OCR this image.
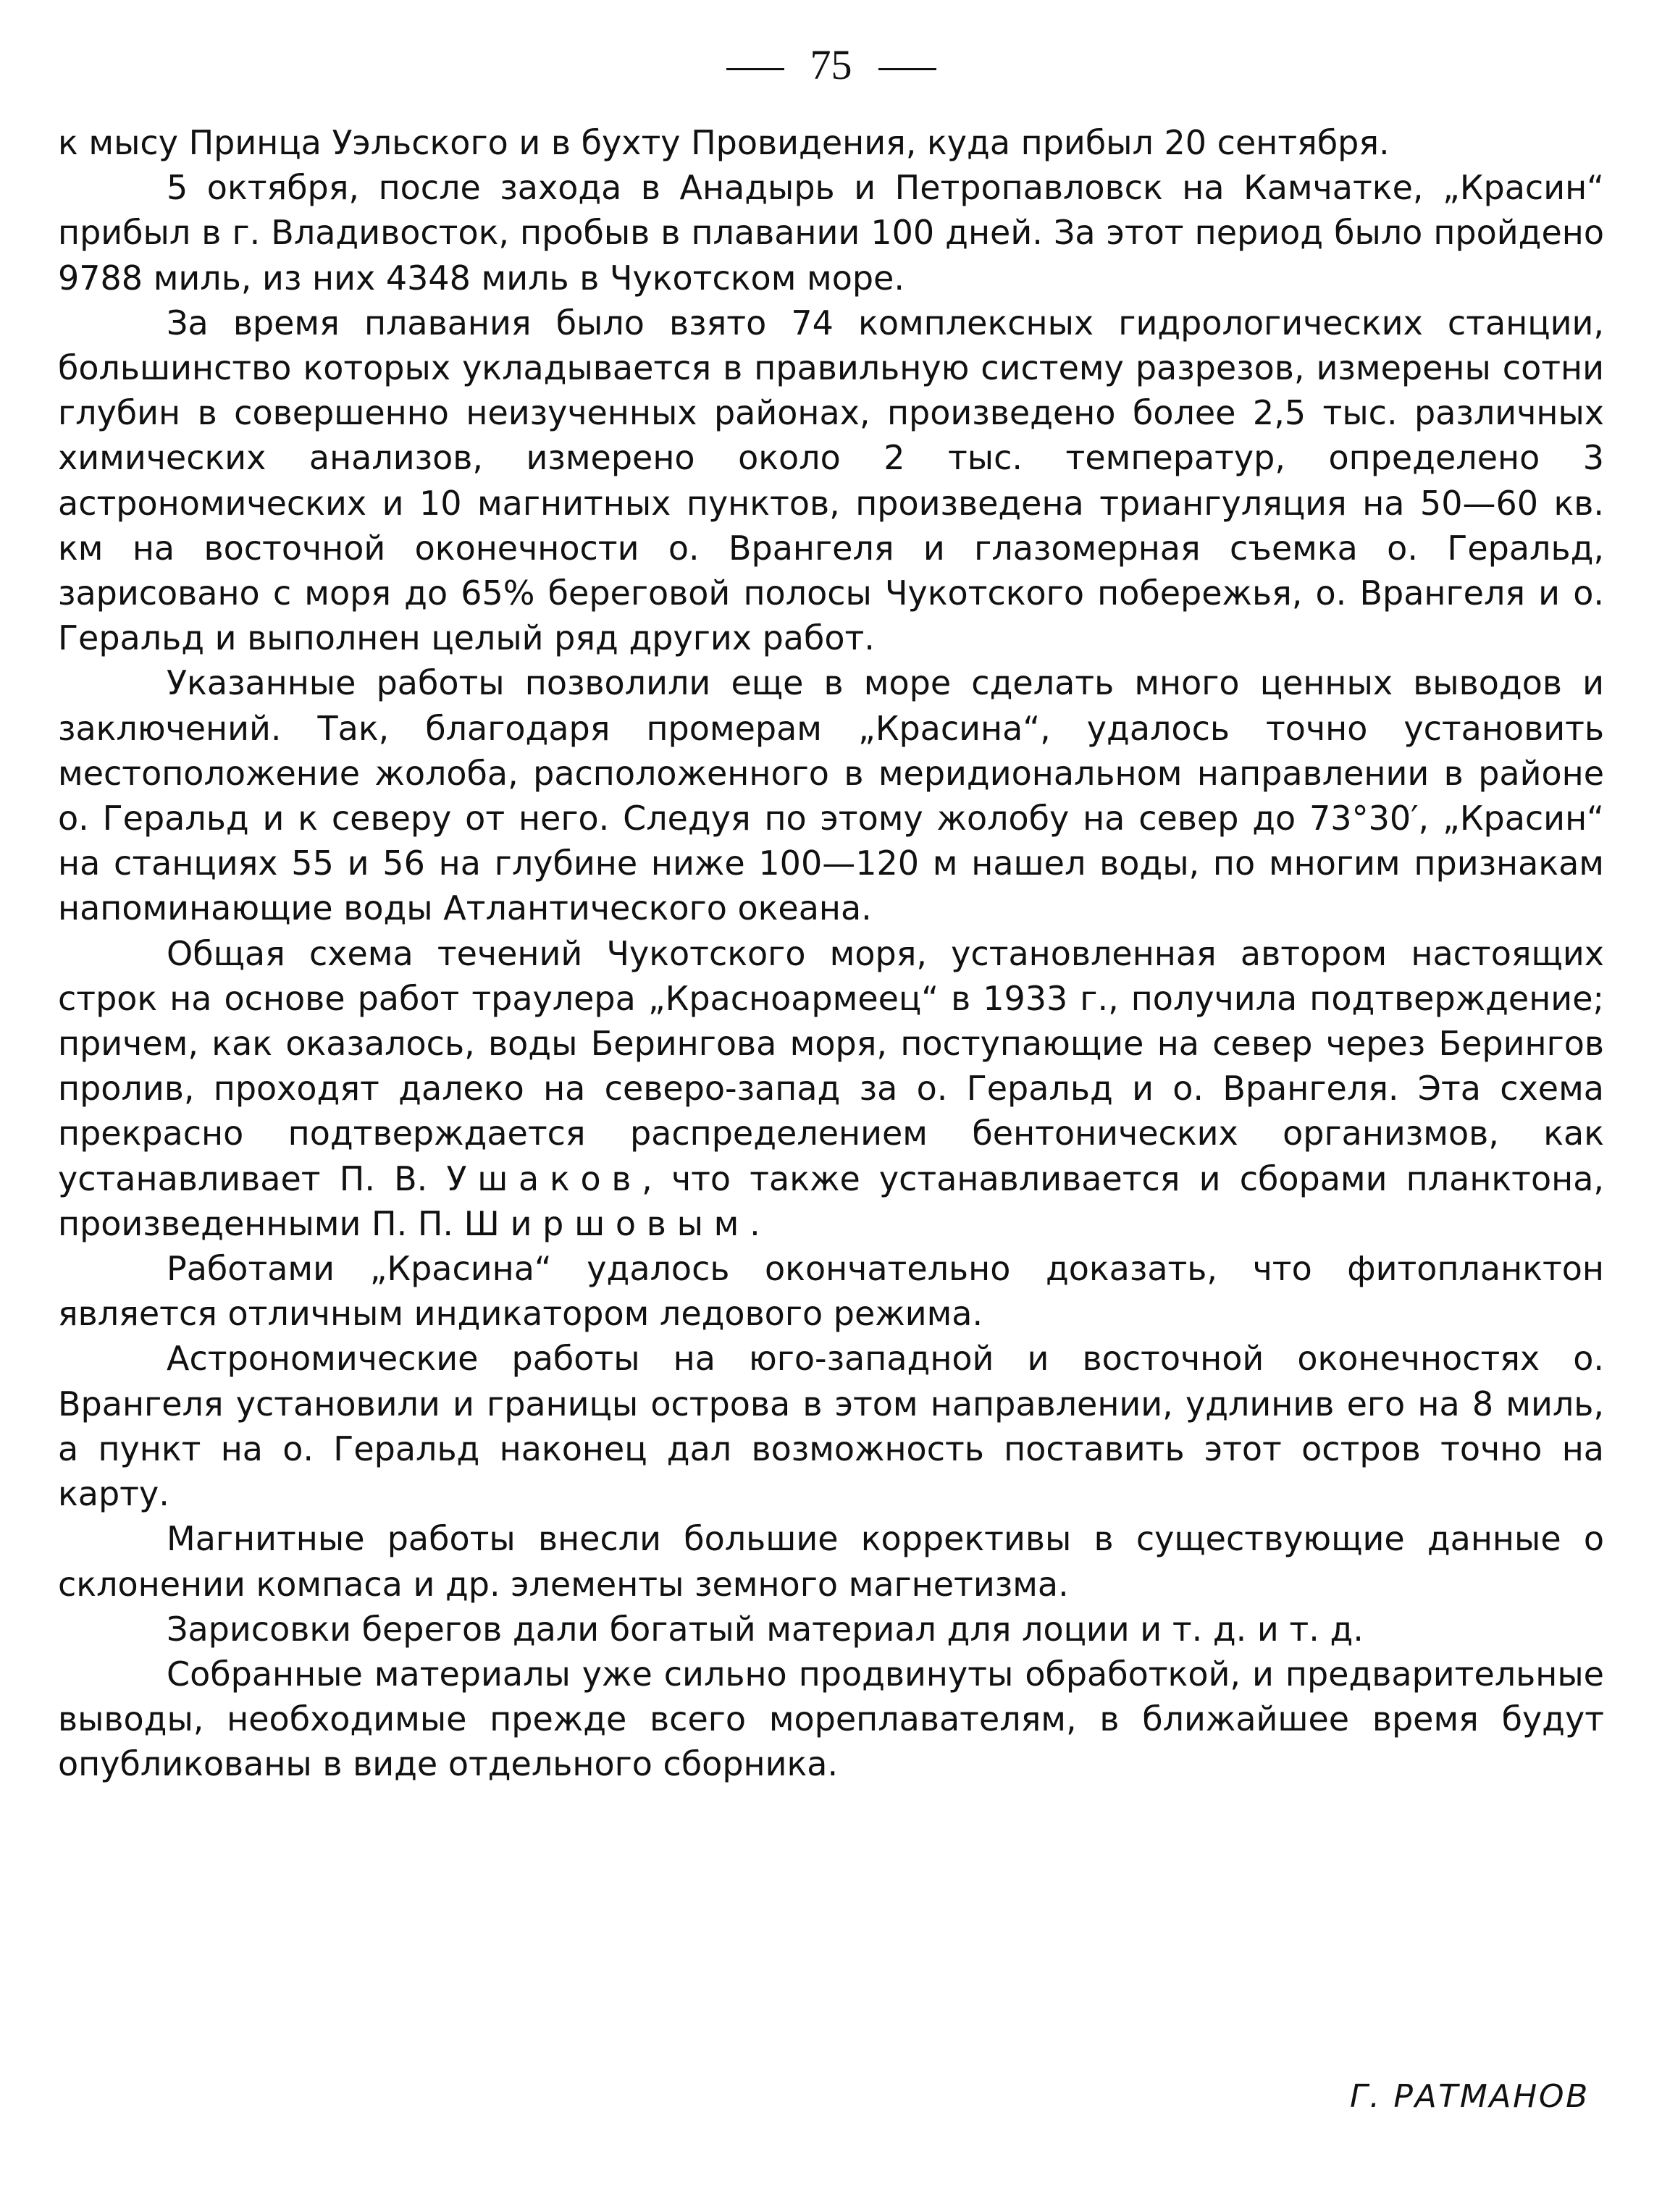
75

к мысу Принца Уэльского и в бухту Провидения, куда прибыл 20 сентября.

5 октября, после захода в Анадырь и Петропавловск на Камчатке, „Красин“ прибыл в г. Владивосток, пробыв в плавании 100 дней. За этот период было пройдено 9788 миль, из них 4348 миль в Чукотском море.

За время плавания было взято 74 комплексных гидрологических станции, большинство которых укладывается в правильную систему разрезов, измерены сотни глубин в совершенно неизученных районах, произведено более 2,5 тыс. различных химических анализов, измерено около 2 тыс. температур, определено 3 астрономических и 10 магнитных пунктов, произведена триангуляция на 50—60 кв. км на восточной оконечности о. Врангеля и глазомерная съемка о. Геральд, зарисовано с моря до 65% береговой полосы Чукотского побережья, о. Врангеля и о. Геральд и выполнен целый ряд других работ.

Указанные работы позволили еще в море сделать много ценных выводов и заключений. Так, благодаря промерам „Красина“, удалось точно установить местоположение жолоба, расположенного в меридиональном направлении в районе о. Геральд и к северу от него. Следуя по этому жолобу на север до 73°30′, „Красин“ на станциях 55 и 56 на глубине ниже 100—120 м нашел воды, по многим признакам напоминающие воды Атлантического океана.

Общая схема течений Чукотского моря, установленная автором настоящих строк на основе работ траулера „Красноармеец“ в 1933 г., получила подтверждение; причем, как оказалось, воды Берингова моря, поступающие на север через Берингов пролив, проходят далеко на северо-запад за о. Геральд и о. Врангеля. Эта схема прекрасно подтверждается распределением бентонических организмов, как устанавливает П. В. Ушаков, что также устанавливается и сборами планктона, произведенными П. П. Ширшовым.

Работами „Красина“ удалось окончательно доказать, что фитопланктон является отличным индикатором ледового режима.

Астрономические работы на юго-западной и восточной оконечностях о. Врангеля установили и границы острова в этом направлении, удлинив его на 8 миль, а пункт на о. Геральд наконец дал возможность поставить этот остров точно на карту.

Магнитные работы внесли большие коррективы в существующие данные о склонении компаса и др. элементы земного магнетизма.

Зарисовки берегов дали богатый материал для лоции и т. д. и т. д.

Собранные материалы уже сильно продвинуты обработкой, и предварительные выводы, необходимые прежде всего мореплавателям, в ближайшее время будут опубликованы в виде отдельного сборника.

Г. РАТМАНОВ
